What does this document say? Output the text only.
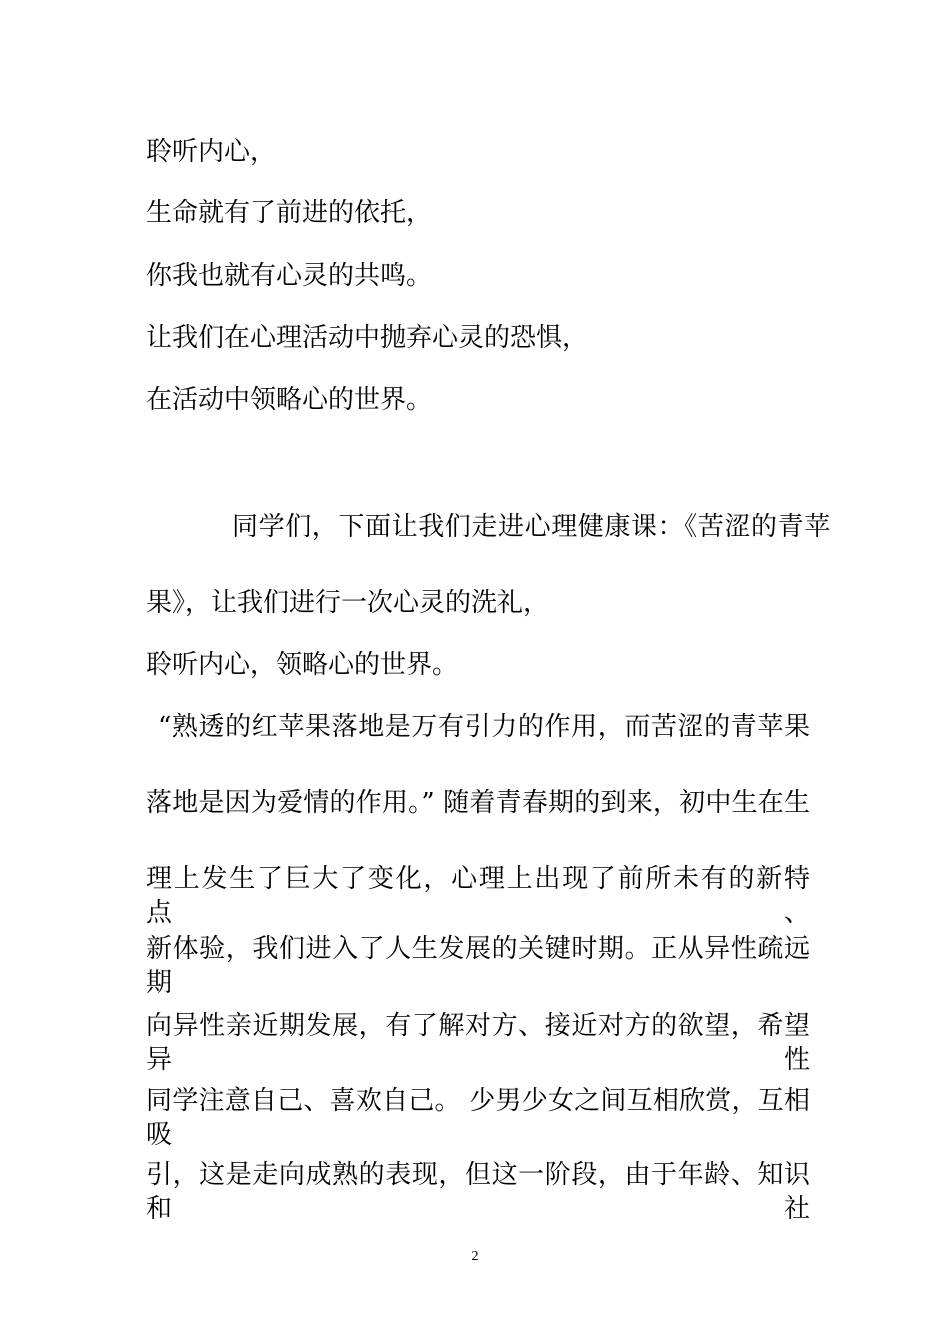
聆听内心，

生命就有了前进的依托，

你我也就有心灵的共鸣。

让我们在心理活动中抛弃心灵的恐惧，

在活动中领略心的世界。

同学们，下面让我们走进心理健康课：《苦涩的青苹

果》，让我们进行一次心灵的洗礼，

聆听内心，领略心的世界。

“熟透的红苹果落地是万有引力的作用，而苦涩的青苹果

落地是因为爱情的作用。” 随着青春期的到来，初中生在生

理上发生了巨大了变化，心理上出现了前所未有的新特点、

新体验，我们进入了人生发展的关键时期。正从异性疏远期

向异性亲近期发展，有了解对方、接近对方的欲望，希望异性

同学注意自己、喜欢自己。 少男少女之间互相欣赏，互相吸

引，这是走向成熟的表现，但这一阶段，由于年龄、知识和社

2
